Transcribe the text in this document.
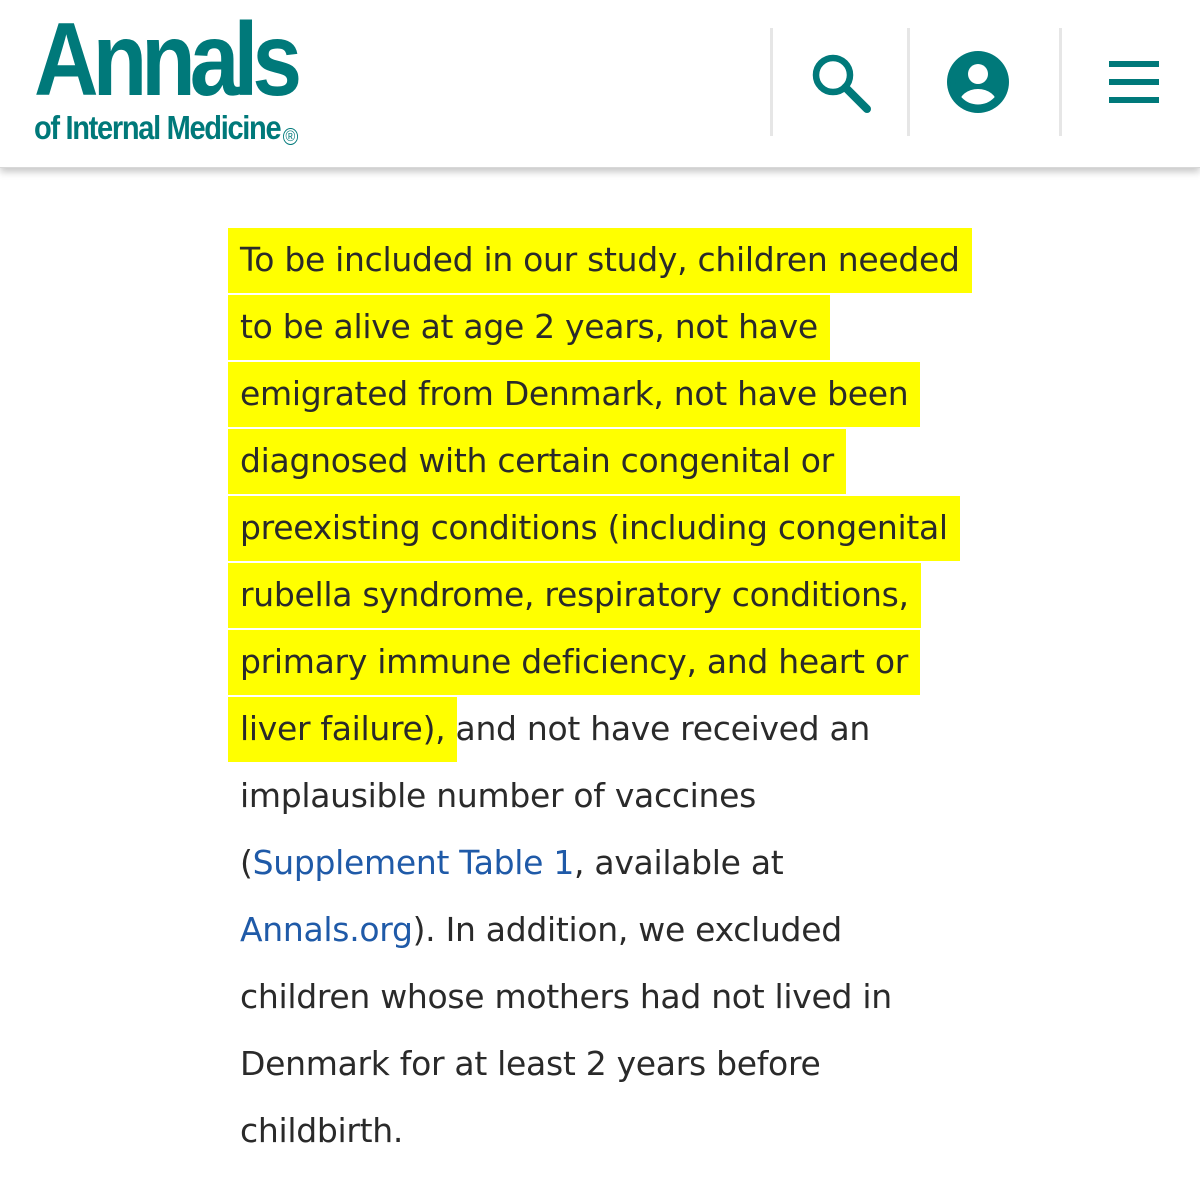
Annals
of Internal Medicine ®

To be included in our study, children needed to be alive at age 2 years, not have emigrated from Denmark, not have been diagnosed with certain congenital or preexisting conditions (including congenital rubella syndrome, respiratory conditions, primary immune deficiency, and heart or liver failure), and not have received an implausible number of vaccines (Supplement Table 1, available at Annals.org). In addition, we excluded children whose mothers had not lived in Denmark for at least 2 years before childbirth.
